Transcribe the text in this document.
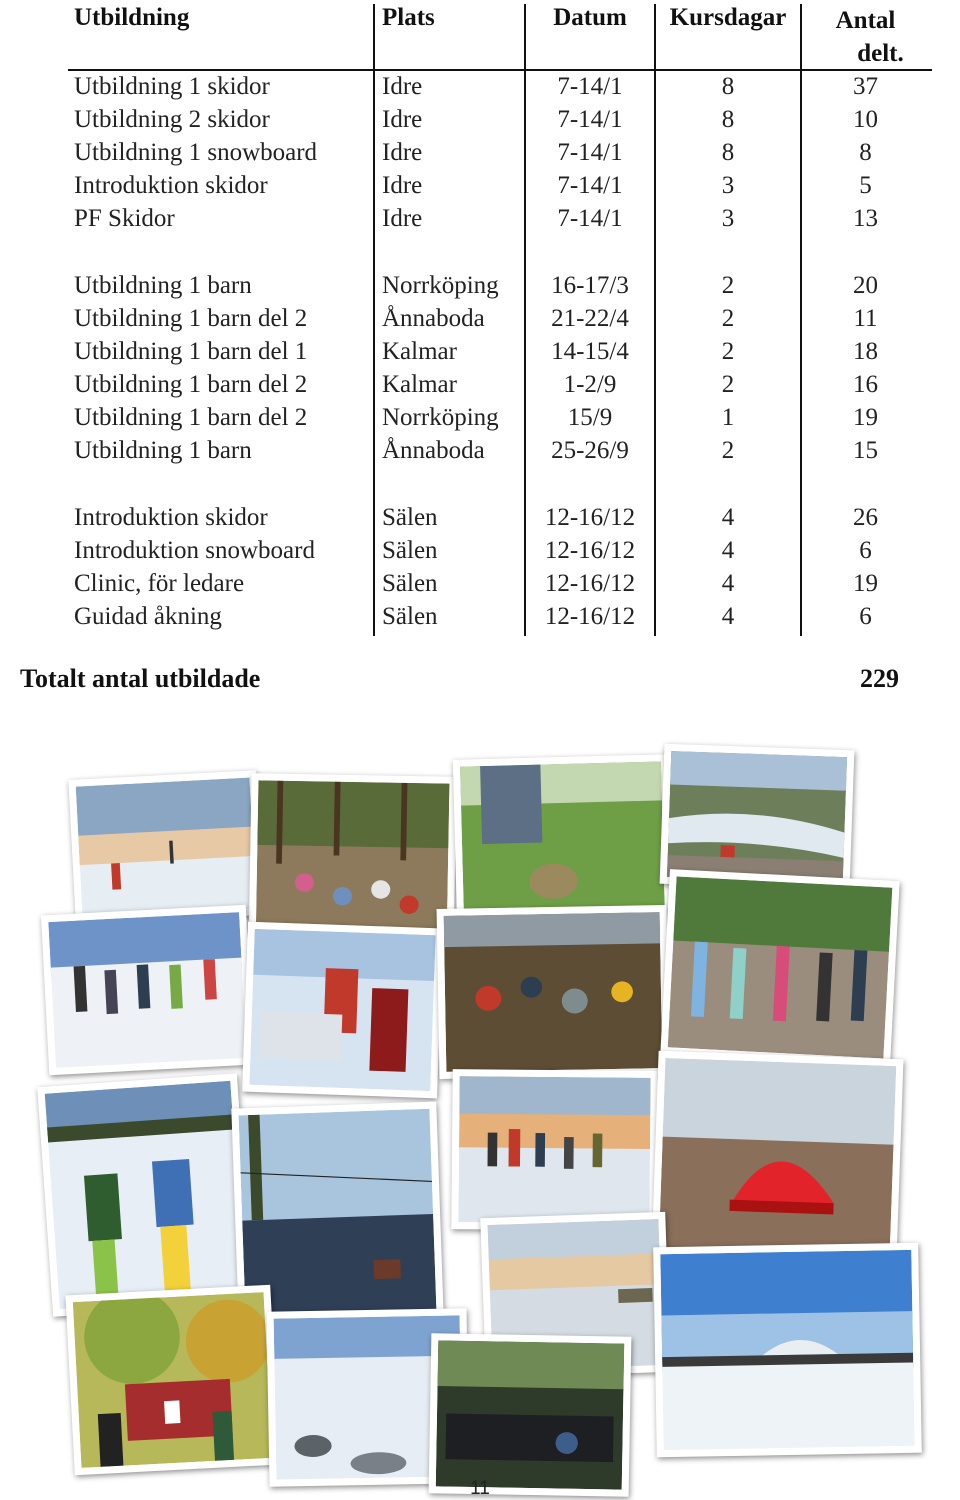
Utbildning	Plats	Datum	Kursdagar	Antal
delt.
Utbildning 1 skidor	Idre	7-14/1	8	37
Utbildning 2 skidor	Idre	7-14/1	8	10
Utbildning 1 snowboard	Idre	7-14/1	8	8
Introduktion skidor	Idre	7-14/1	3	5
PF Skidor	Idre	7-14/1	3	13
Utbildning 1 barn	Norrköping	16-17/3	2	20
Utbildning 1 barn del 2	Ånnaboda	21-22/4	2	11
Utbildning 1 barn del 1	Kalmar	14-15/4	2	18
Utbildning 1 barn del 2	Kalmar	1-2/9	2	16
Utbildning 1 barn del 2	Norrköping	15/9	1	19
Utbildning 1 barn	Ånnaboda	25-26/9	2	15
Introduktion skidor	Sälen	12-16/12	4	26
Introduktion snowboard	Sälen	12-16/12	4	6
Clinic, för ledare	Sälen	12-16/12	4	19
Guidad åkning	Sälen	12-16/12	4	6
Totalt antal utbildade	229
11
